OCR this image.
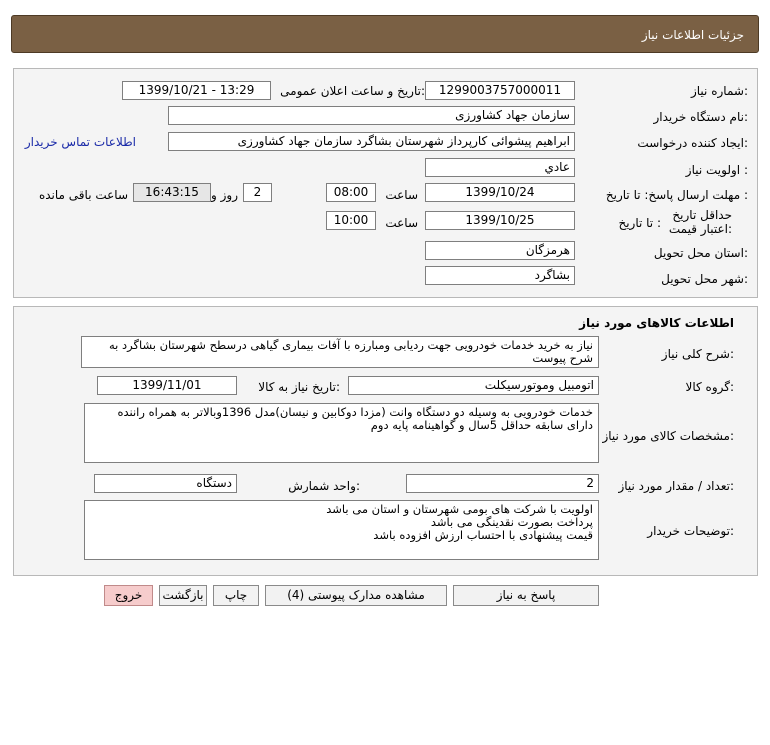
جزئيات اطلاعات نياز
شماره نیاز:
1299003757000011
تاریخ و ساعت اعلان عمومی:
1399/10/21 - 13:29
نام دستگاه خریدار:
سازمان جهاد کشاورزی
ایجاد کننده درخواست:
ابراهیم پیشوائی کارپرداز شهرستان بشاگرد سازمان جهاد کشاورزی
اطلاعات تماس خریدار
اولویت نیاز :
عادي
مهلت ارسال پاسخ: تا تاریخ :
1399/10/24
ساعت
08:00
2
روز و
16:43:15
ساعت باقی مانده
حداقل تاریخ اعتبار قیمت:
تا تاریخ :
1399/10/25
ساعت
10:00
استان محل تحویل:
هرمزگان
شهر محل تحویل:
بشاگرد
اطلاعات کالاهای مورد نیاز
شرح کلی نیاز:

نیاز به خرید خدمات خودرویی جهت ردیابی ومبارزه با آفات بیماری گیاهی درسطح شهرستان بشاگرد به شرح پیوست

گروه کالا:
اتومبیل وموتورسیکلت
تاریخ نیاز به کالا:
1399/11/01
مشخصات کالای مورد نیاز:

خدمات خودرویی به وسیله دو دستگاه وانت (مزدا دوکابین و نیسان)مدل 1396وبالاتر به همراه راننده دارای سابقه حداقل 5سال و گواهینامه پایه دوم

تعداد / مقدار مورد نیاز:
2
واحد شمارش:
دستگاه
توضیحات خریدار:

اولویت با شرکت های بومی شهرستان و استان می باشد

پرداخت بصورت نقدینگی می باشد

قیمت پیشنهادی با احتساب ارزش افزوده باشد

پاسخ به نیاز
مشاهده مدارک پیوستی (4)
چاپ
بازگشت
خروج
